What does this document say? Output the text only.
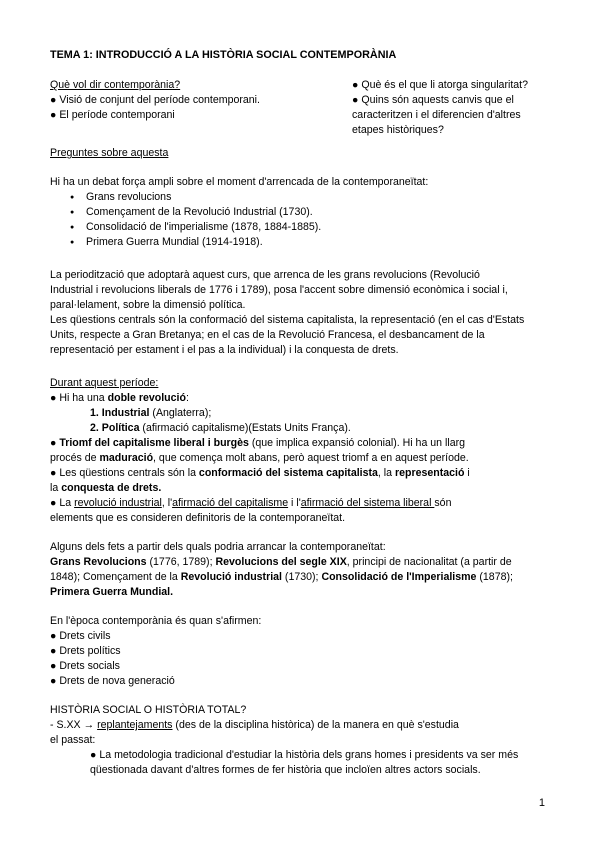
TEMA 1: INTRODUCCIÓ A LA HISTÒRIA SOCIAL CONTEMPORÀNIA

Què vol dir contemporània?

● Visió de conjunt del període contemporani.

● El període contemporani

● Què és el que li atorga singularitat?

● Quins són aquests canvis que el

caracteritzen i el diferencien d'altres

etapes històriques?

Preguntes sobre aquesta

Hi ha un debat força ampli sobre el moment d'arrencada de la contemporaneïtat:

● Grans revolucions

● Començament de la Revolució Industrial (1730).

● Consolidació de l'imperialisme (1878, 1884-1885).

● Primera Guerra Mundial (1914-1918).

La periodització que adoptarà aquest curs, que arrenca de les grans revolucions (Revolució

Industrial i revolucions liberals de 1776 i 1789), posa l'accent sobre dimensió econòmica i social i,

paral·lelament, sobre la dimensió política.

Les qüestions centrals són la conformació del sistema capitalista, la representació (en el cas d'Estats

Units, respecte a Gran Bretanya; en el cas de la Revolució Francesa, el desbancament de la

representació per estament i el pas a la individual) i la conquesta de drets.

Durant aquest període:

● Hi ha una doble revolució:

1. Industrial (Anglaterra);

2. Política (afirmació capitalisme)(Estats Units França).

● Triomf del capitalisme liberal i burgès (que implica expansió colonial). Hi ha un llarg

procés de maduració, que comença molt abans, però aquest triomf a en aquest període.

● Les qüestions centrals són la conformació del sistema capitalista, la representació i

la conquesta de drets.

● La revolució industrial, l'afirmació del capitalisme i l'afirmació del sistema liberal són

elements que es consideren definitoris de la contemporaneïtat.

Alguns dels fets a partir dels quals podria arrancar la contemporaneïtat:

Grans Revolucions (1776, 1789); Revolucions del segle XIX, principi de nacionalitat (a partir de

1848); Començament de la Revolució industrial (1730); Consolidació de l'Imperialisme (1878);

Primera Guerra Mundial.

En l'època contemporània és quan s'afirmen:

● Drets civils

● Drets polítics

● Drets socials

● Drets de nova generació

HISTÒRIA SOCIAL O HISTÒRIA TOTAL?

- S.XX → replantejaments (des de la disciplina històrica) de la manera en què s'estudia

el passat:

● La metodologia tradicional d'estudiar la història dels grans homes i presidents va ser més

qüestionada davant d'altres formes de fer història que incloïen altres actors socials.

1
